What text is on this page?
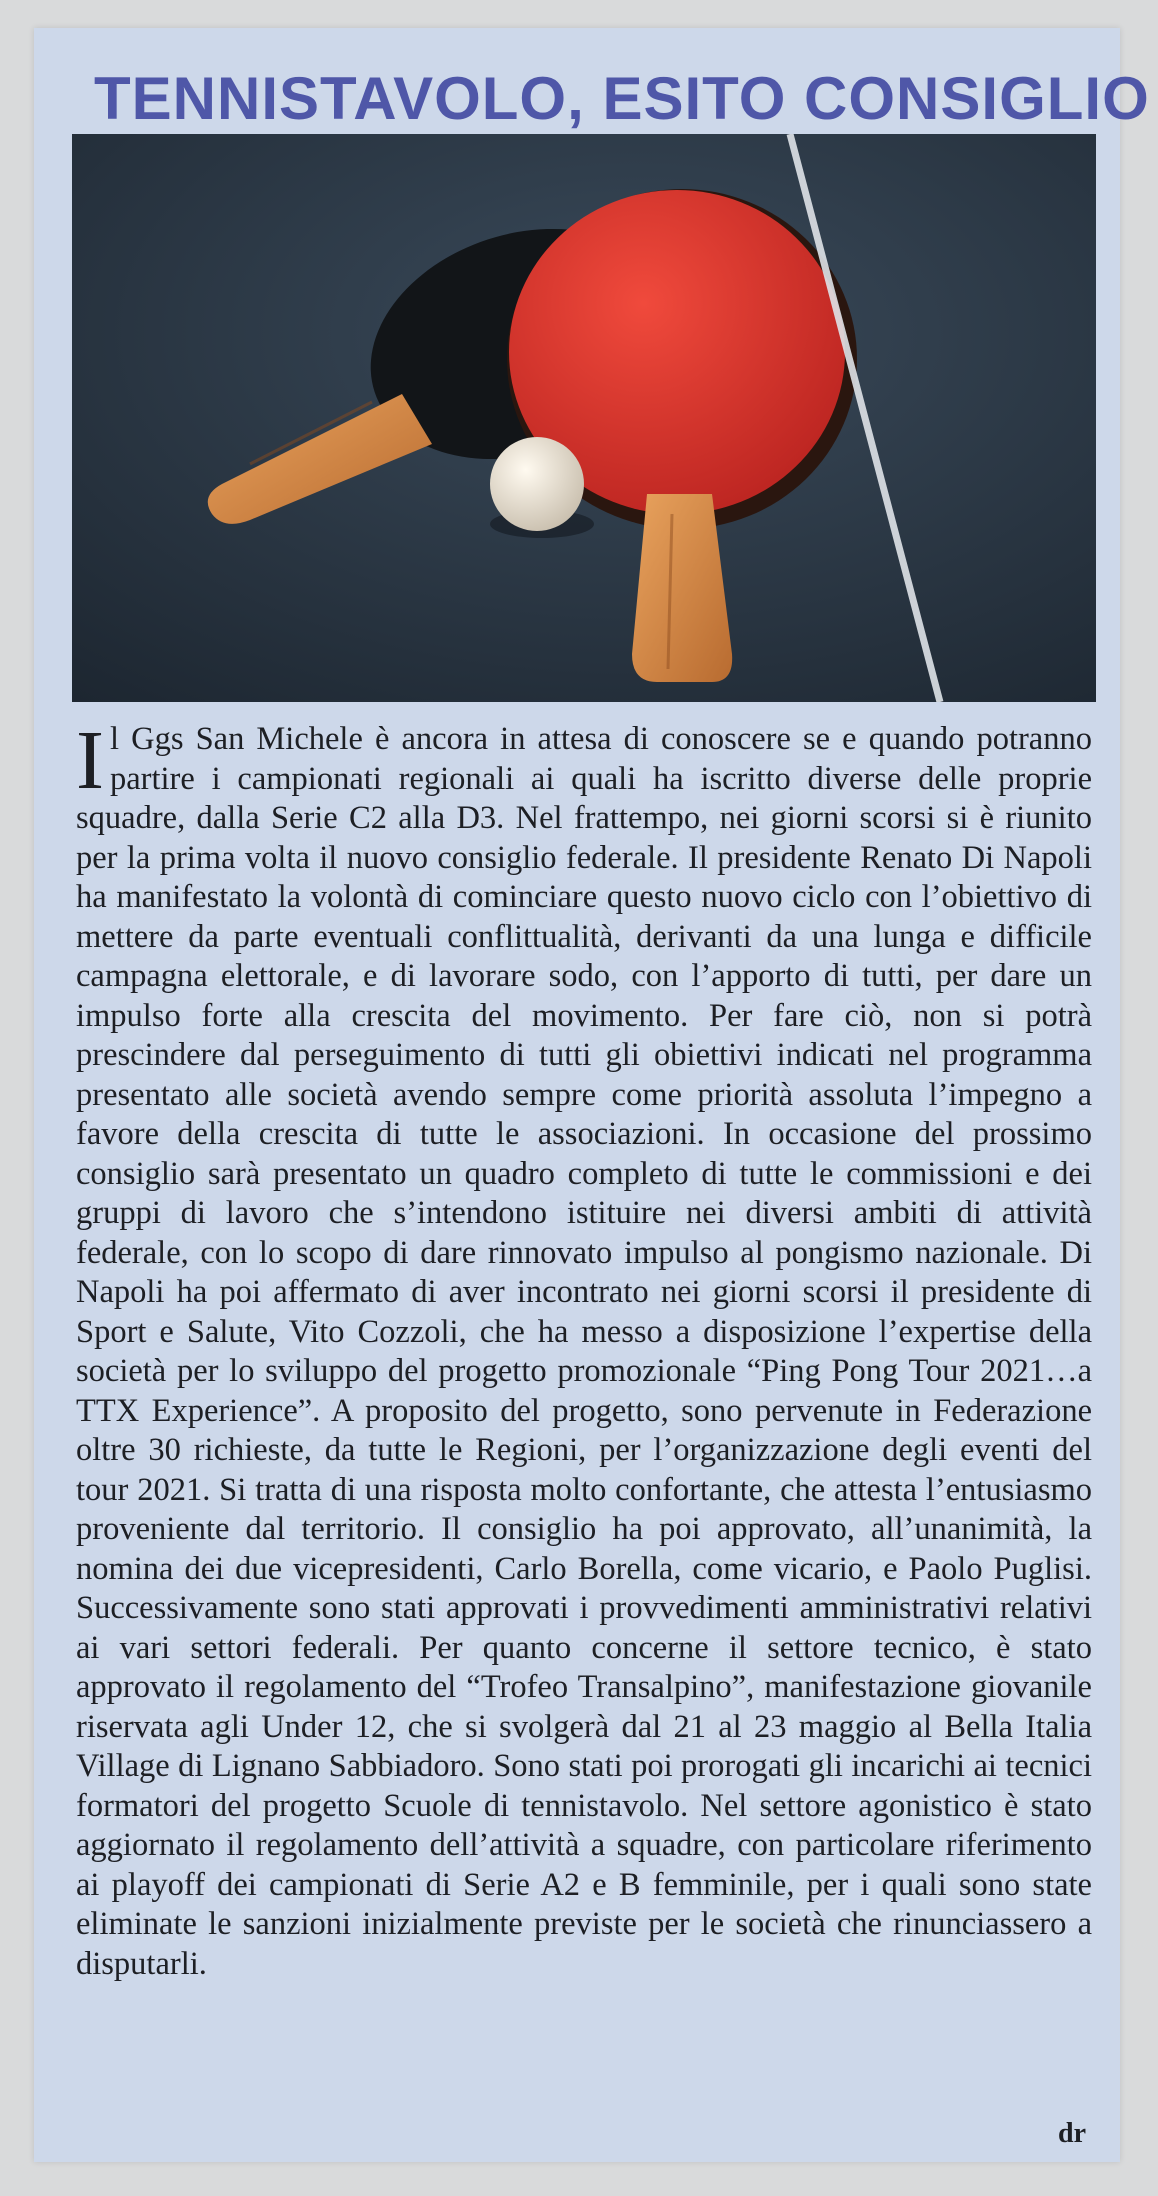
TENNISTAVOLO, ESITO CONSIGLIO

Il Ggs San Michele è ancora in attesa di conoscere se e quando potranno partire i campionati regionali ai quali ha iscritto diverse delle proprie squadre, dalla Serie C2 alla D3. Nel frattempo, nei giorni scorsi si è riunito per la prima volta il nuovo consiglio federale. Il presidente Renato Di Napoli ha manifestato la volontà di cominciare questo nuovo ciclo con l’obiettivo di mettere da parte eventuali conflittualità, derivanti da una lunga e difficile campagna elettorale, e di lavorare sodo, con l’apporto di tutti, per dare un impulso forte alla crescita del movimento. Per fare ciò, non si potrà prescindere dal perseguimento di tutti gli obiettivi indicati nel programma presentato alle società avendo sempre come priorità assoluta l’impegno a favore della crescita di tutte le associazioni. In occasione del prossimo consiglio sarà presentato un quadro completo di tutte le commissioni e dei gruppi di lavoro che s’intendono istituire nei diversi ambiti di attività federale, con lo scopo di dare rinnovato impulso al pongismo nazionale. Di Napoli ha poi affermato di aver incontrato nei giorni scorsi il presidente di Sport e Salute, Vito Cozzoli, che ha messo a disposizione l’expertise della società per lo sviluppo del progetto promozionale “Ping Pong Tour 2021…a TTX Experience”. A proposito del progetto, sono pervenute in Federazione oltre 30 richieste, da tutte le Regioni, per l’organizzazione degli eventi del tour 2021. Si tratta di una risposta molto confortante, che attesta l’entusiasmo proveniente dal territorio. Il consiglio ha poi approvato, all’unanimità, la nomina dei due vicepresidenti, Carlo Borella, come vicario, e Paolo Puglisi. Successivamente sono stati approvati i provvedimenti amministrativi relativi ai vari settori federali. Per quanto concerne il settore tecnico, è stato approvato il regolamento del “Trofeo Transalpino”, manifestazione giovanile riservata agli Under 12, che si svolgerà dal 21 al 23 maggio al Bella Italia Village di Lignano Sabbiadoro. Sono stati poi prorogati gli incarichi ai tecnici formatori del progetto Scuole di tennistavolo. Nel settore agonistico è stato aggiornato il regolamento dell’attività a squadre, con particolare riferimento ai playoff dei campionati di Serie A2 e B femminile, per i quali sono state eliminate le sanzioni inizialmente previste per le società che rinunciassero a disputarli.

dr
